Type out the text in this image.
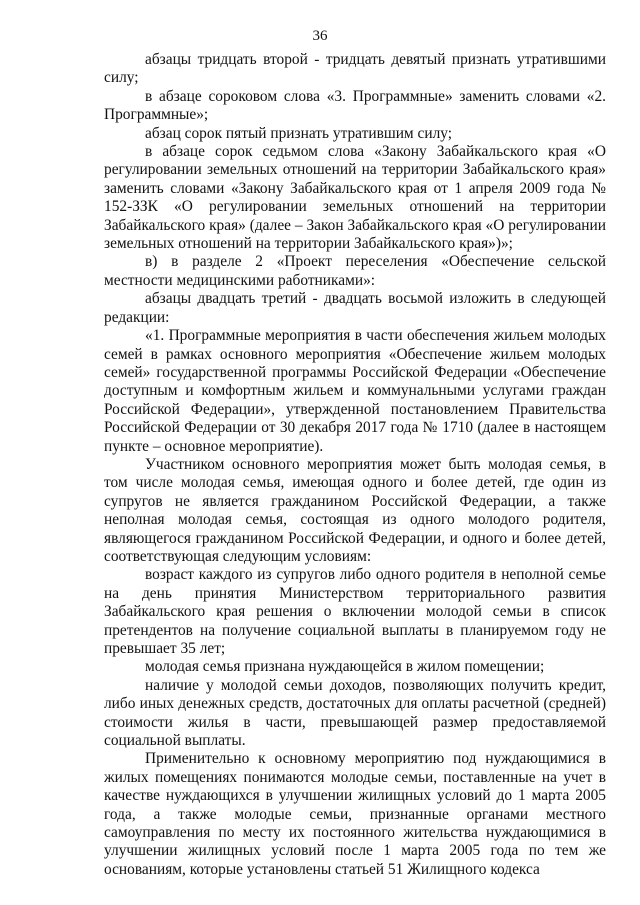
36

абзацы тридцать второй - тридцать девятый признать утратившими силу;

в абзаце сороковом слова «3. Программные» заменить словами «2. Программные»;

абзац сорок пятый признать утратившим силу;

в абзаце сорок седьмом слова «Закону Забайкальского края «О регулировании земельных отношений на территории Забайкальского края» заменить словами «Закону Забайкальского края от 1 апреля 2009 года № 152-ЗЗК «О регулировании земельных отношений на территории Забайкальского края» (далее – Закон Забайкальского края «О регулировании земельных отношений на территории Забайкальского края»)»;

в) в разделе 2 «Проект переселения «Обеспечение сельской местности медицинскими работниками»:

абзацы двадцать третий - двадцать восьмой изложить в следующей редакции:

«1. Программные мероприятия в части обеспечения жильем молодых семей в рамках основного мероприятия «Обеспечение жильем молодых семей» государственной программы Российской Федерации «Обеспечение доступным и комфортным жильем и коммунальными услугами граждан Российской Федерации», утвержденной постановлением Правительства Российской Федерации от 30 декабря 2017 года № 1710 (далее в настоящем пункте – основное мероприятие).

Участником основного мероприятия может быть молодая семья, в том числе молодая семья, имеющая одного и более детей, где один из супругов не является гражданином Российской Федерации, а также неполная молодая семья, состоящая из одного молодого родителя, являющегося гражданином Российской Федерации, и одного и более детей, соответствующая следующим условиям:

возраст каждого из супругов либо одного родителя в неполной семье на день принятия Министерством территориального развития Забайкальского края решения о включении молодой семьи в список претендентов на получение социальной выплаты в планируемом году не превышает 35 лет;

молодая семья признана нуждающейся в жилом помещении;

наличие у молодой семьи доходов, позволяющих получить кредит, либо иных денежных средств, достаточных для оплаты расчетной (средней) стоимости жилья в части, превышающей размер предоставляемой социальной выплаты.

Применительно к основному мероприятию под нуждающимися в жилых помещениях понимаются молодые семьи, поставленные на учет в качестве нуждающихся в улучшении жилищных условий до 1 марта 2005 года, а также молодые семьи, признанные органами местного самоуправления по месту их постоянного жительства нуждающимися в улучшении жилищных условий после 1 марта 2005 года по тем же основаниям, которые установлены статьей 51 Жилищного кодекса
